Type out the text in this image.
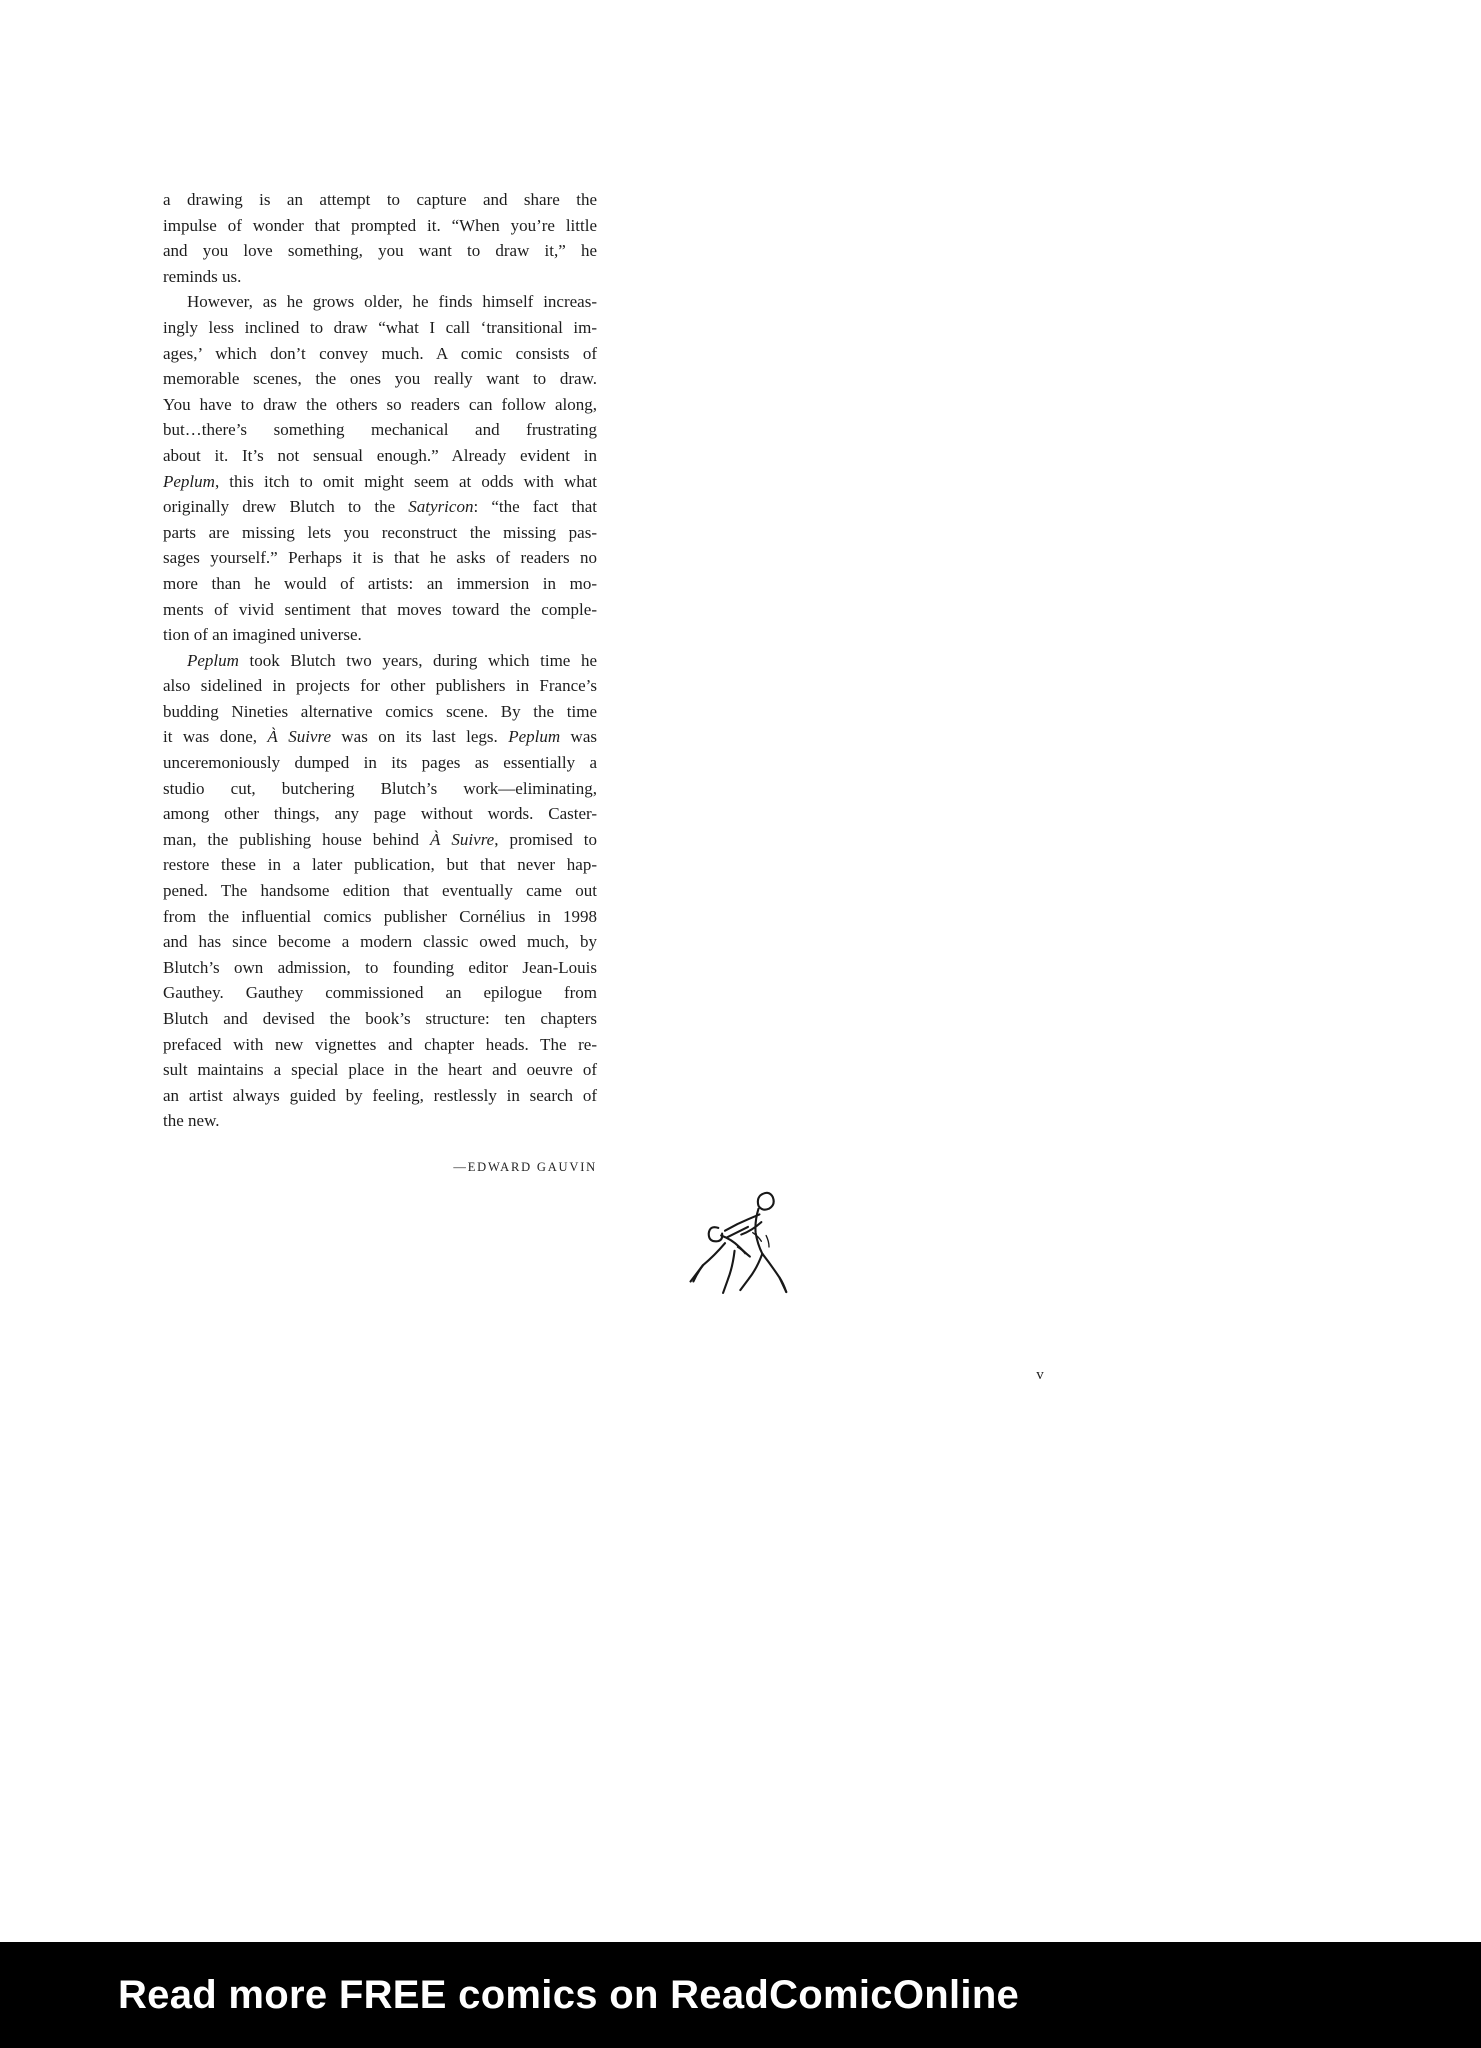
a drawing is an attempt to capture and share the
impulse of wonder that prompted it. “When you’re little
and you love something, you want to draw it,” he
reminds us.
However, as he grows older, he finds himself increas-
ingly less inclined to draw “what I call ‘transitional im-
ages,’ which don’t convey much. A comic consists of
memorable scenes, the ones you really want to draw.
You have to draw the others so readers can follow along,
but…there’s something mechanical and frustrating
about it. It’s not sensual enough.” Already evident in
Peplum, this itch to omit might seem at odds with what
originally drew Blutch to the Satyricon: “the fact that
parts are missing lets you reconstruct the missing pas-
sages yourself.” Perhaps it is that he asks of readers no
more than he would of artists: an immersion in mo-
ments of vivid sentiment that moves toward the comple-
tion of an imagined universe.
Peplum took Blutch two years, during which time he
also sidelined in projects for other publishers in France’s
budding Nineties alternative comics scene. By the time
it was done, À Suivre was on its last legs. Peplum was
unceremoniously dumped in its pages as essentially a
studio cut, butchering Blutch’s work—eliminating,
among other things, any page without words. Caster-
man, the publishing house behind À Suivre, promised to
restore these in a later publication, but that never hap-
pened. The handsome edition that eventually came out
from the influential comics publisher Cornélius in 1998
and has since become a modern classic owed much, by
Blutch’s own admission, to founding editor Jean-Louis
Gauthey. Gauthey commissioned an epilogue from
Blutch and devised the book’s structure: ten chapters
prefaced with new vignettes and chapter heads. The re-
sult maintains a special place in the heart and oeuvre of
an artist always guided by feeling, restlessly in search of
the new.
—EDWARD GAUVIN
v
Read more FREE comics on ReadComicOnline
